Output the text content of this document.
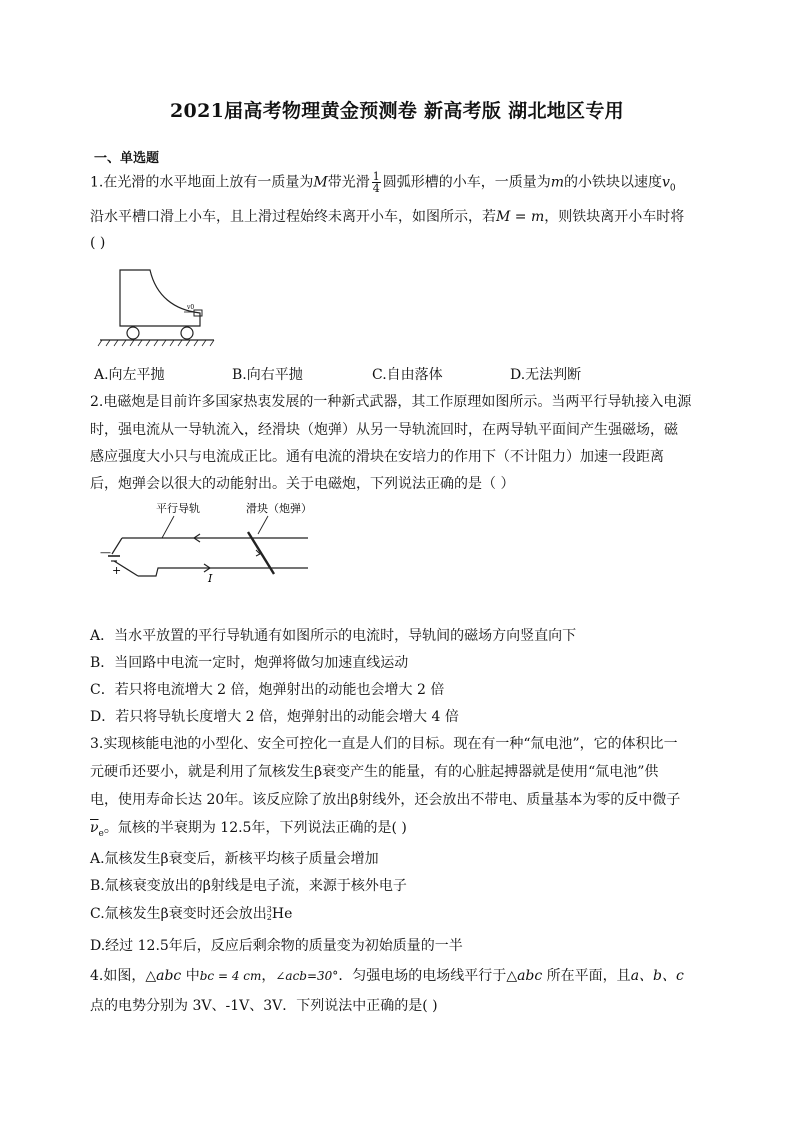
2021届高考物理黄金预测卷 新高考版 湖北地区专用
一、单选题
1.在光滑的水平地面上放有一质量为M带光滑 $\frac{1}{4}$ 圆弧形槽的小车，一质量为m的小铁块以速度$v_0$
沿水平槽口滑上小车，且上滑过程始终未离开小车，如图所示，若M = m，则铁块离开小车时将
( )
v0
A.向左平抛	B.向右平抛	C.自由落体	D.无法判断
2.电磁炮是目前许多国家热衷发展的一种新式武器，其工作原理如图所示。当两平行导轨接入电源
时，强电流从一导轨流入，经滑块（炮弹）从另一导轨流回时，在两导轨平面间产生强磁场，磁
感应强度大小只与电流成正比。通有电流的滑块在安培力的作用下（不计阻力）加速一段距离
后，炮弹会以很大的动能射出。关于电磁炮，下列说法正确的是（ ）
平行导轨	滑块（炮弹）
—
+
I
A．当水平放置的平行导轨通有如图所示的电流时，导轨间的磁场方向竖直向下
B．当回路中电流一定时，炮弹将做匀加速直线运动
C．若只将电流增大 2 倍，炮弹射出的动能也会增大 2 倍
D．若只将导轨长度增大 2 倍，炮弹射出的动能会增大 4 倍
3.实现核能电池的小型化、安全可控化一直是人们的目标。现在有一种“氚电池”，它的体积比一
元硬币还要小，就是利用了氚核发生β衰变产生的能量，有的心脏起搏器就是使用“氚电池”供
电，使用寿命长达 20年。该反应除了放出β射线外，还会放出不带电、质量基本为零的反中微子
$\overline{\nu}_e$。氚核的半衰期为 12.5年，下列说法正确的是( )
A.氚核发生β衰变后，新核平均核子质量会增加
B.氚核衰变放出的β射线是电子流，来源于核外电子
C.氚核发生β衰变时还会放出 3
2 He
D.经过 12.5年后，反应后剩余物的质量变为初始质量的一半
4.如图，△abc 中bc = 4 cm，∠acb=30°．匀强电场的电场线平行于△abc 所在平面，且a、b、c
点的电势分别为 3V、-1V、3V．下列说法中正确的是( )
